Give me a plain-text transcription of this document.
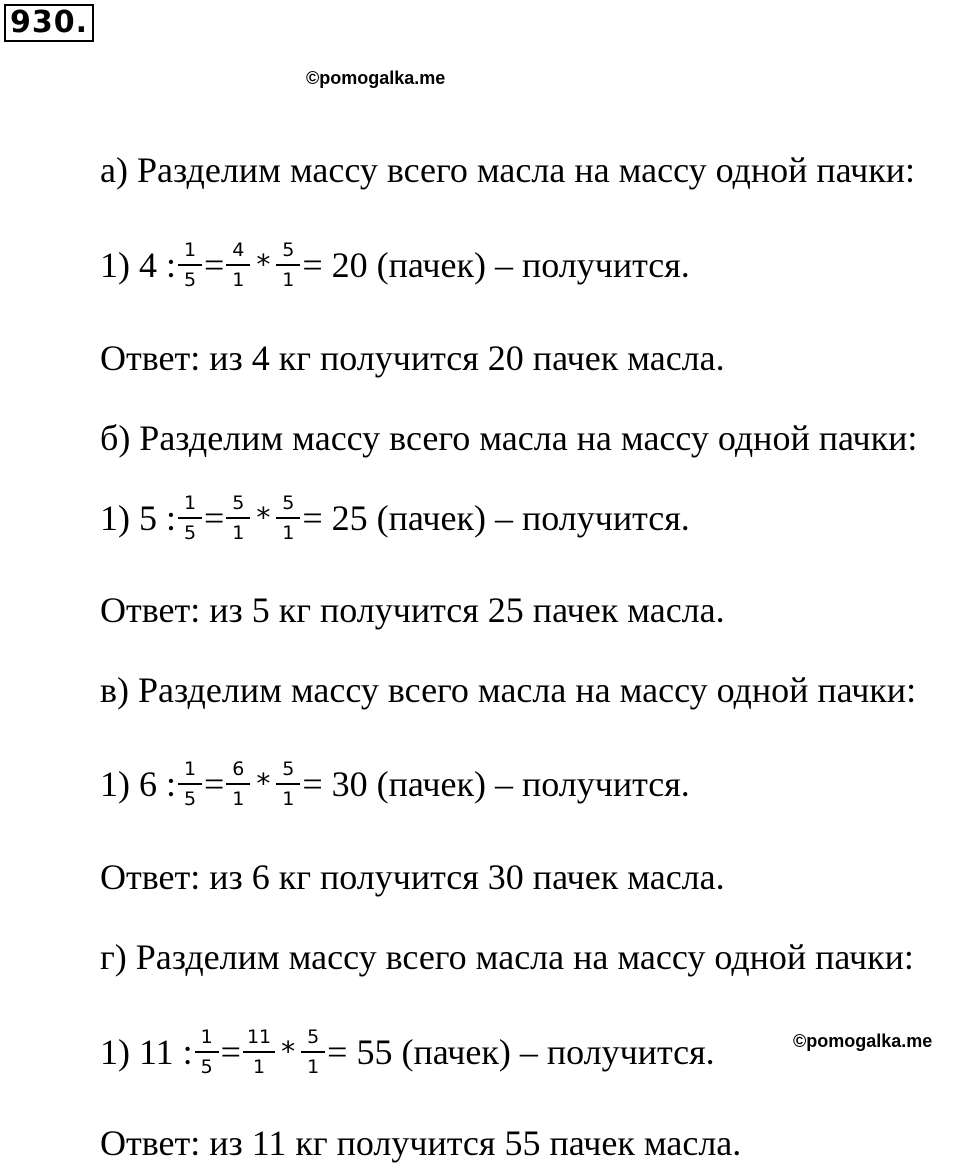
930.
©pomogalka.me
©pomogalka.me
а) Разделим массу всего масла на массу одной пачки:
1) 4 : $\frac{1}{5} = \frac{4}{1} * \frac{5}{1} = 20$ (пачек) – получится.
Ответ: из 4 кг получится 20 пачек масла.
б) Разделим массу всего масла на массу одной пачки:
1) 5 : $\frac{1}{5} = \frac{5}{1} * \frac{5}{1} = 25$ (пачек) – получится.
Ответ: из 5 кг получится 25 пачек масла.
в) Разделим массу всего масла на массу одной пачки:
1) 6 : $\frac{1}{5} = \frac{6}{1} * \frac{5}{1} = 30$ (пачек) – получится.
Ответ: из 6 кг получится 30 пачек масла.
г) Разделим массу всего масла на массу одной пачки:
1) 11 : $\frac{1}{5} = \frac{11}{1} * \frac{5}{1} = 55$ (пачек) – получится.
Ответ: из 11 кг получится 55 пачек масла.
